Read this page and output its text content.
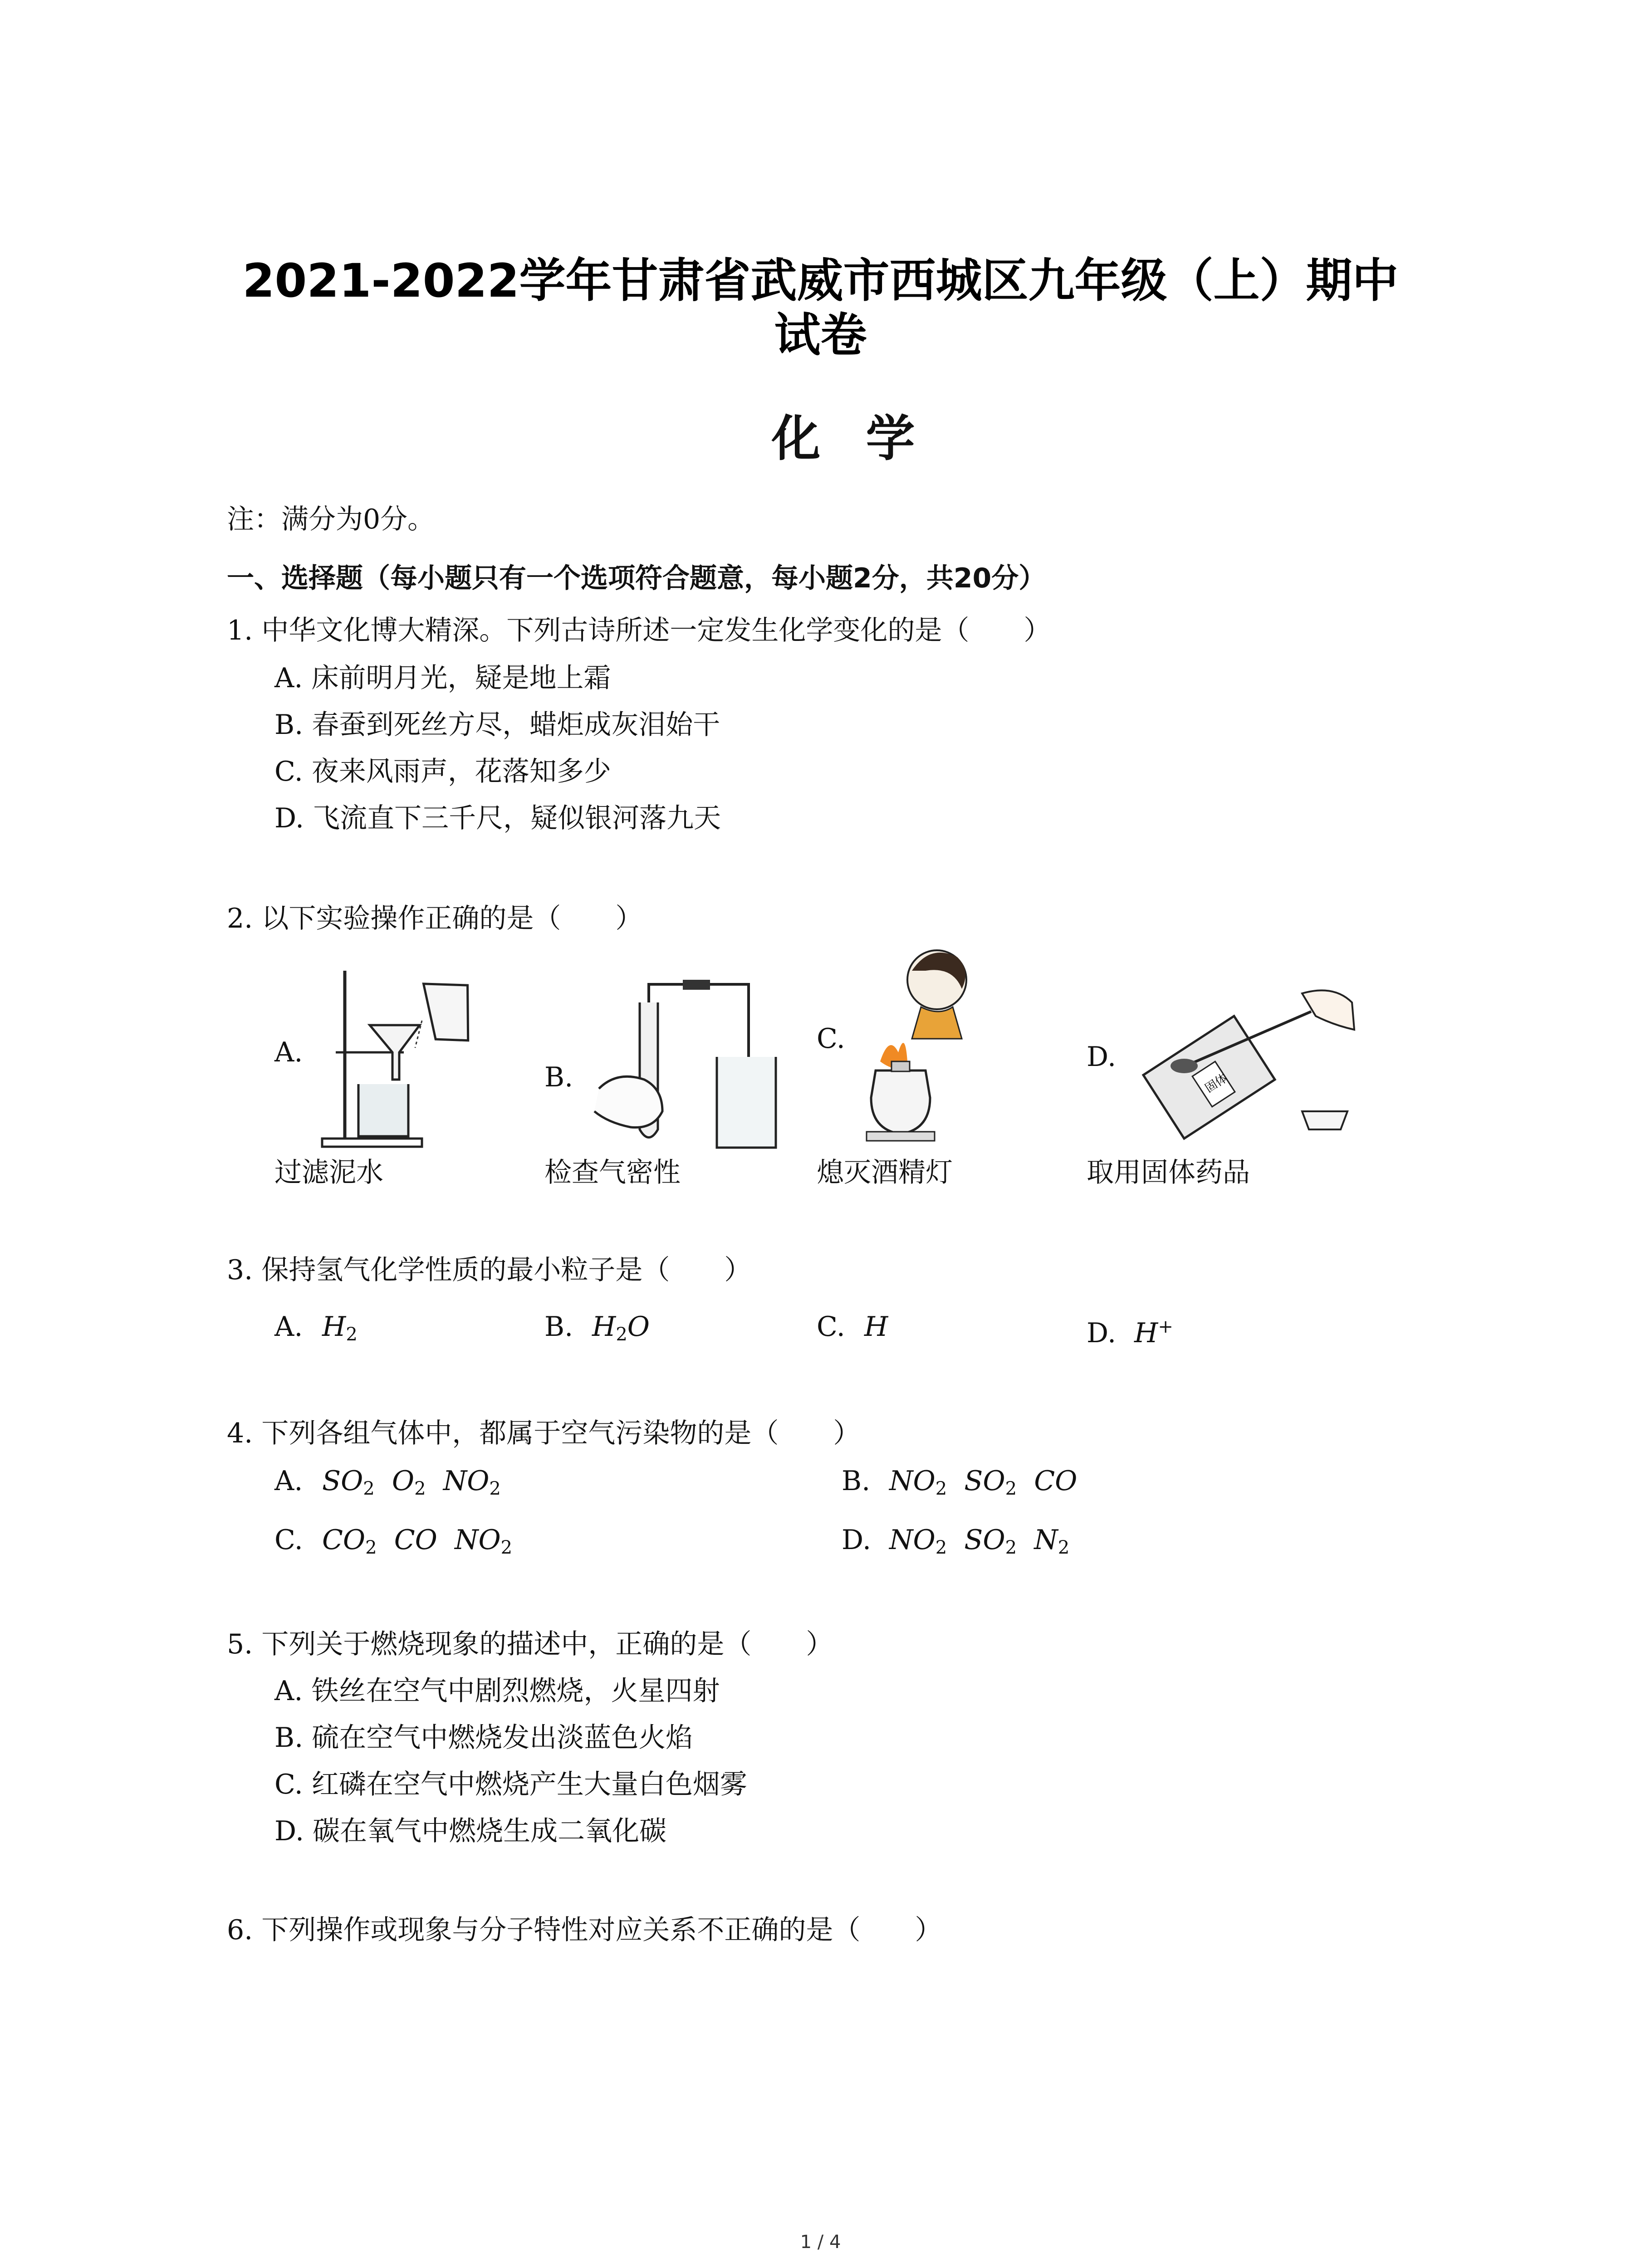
2021-2022学年甘肃省武威市西城区九年级（上）期中
试卷
化学
注：满分为0分。
一、选择题（每小题只有一个选项符合题意，每小题2分，共20分）
1. 中华文化博大精深。下列古诗所述一定发生化学变化的是（　　）
A. 床前明月光，疑是地上霜
B. 春蚕到死丝方尽，蜡炬成灰泪始干
C. 夜来风雨声，花落知多少
D. 飞流直下三千尺，疑似银河落九天
2. 以下实验操作正确的是（　　）
A.
B.
C.
D.
固体
过滤泥水	检查气密性	熄灭酒精灯	取用固体药品
3. 保持氢气化学性质的最小粒子是（　　）
A. $H_2$	B. $H_2O$	C. H	D. H+
4. 下列各组气体中，都属于空气污染物的是（　　）
A. $SO_2$  $O_2$  $NO_2$	B. $NO_2$  $SO_2$  CO
C. $CO_2$  CO  $NO_2$	D. $NO_2$  $SO_2$  $N_2$
5. 下列关于燃烧现象的描述中，正确的是（　　）
A. 铁丝在空气中剧烈燃烧，火星四射
B. 硫在空气中燃烧发出淡蓝色火焰
C. 红磷在空气中燃烧产生大量白色烟雾
D. 碳在氧气中燃烧生成二氧化碳
6. 下列操作或现象与分子特性对应关系不正确的是（　　）
1 / 4
